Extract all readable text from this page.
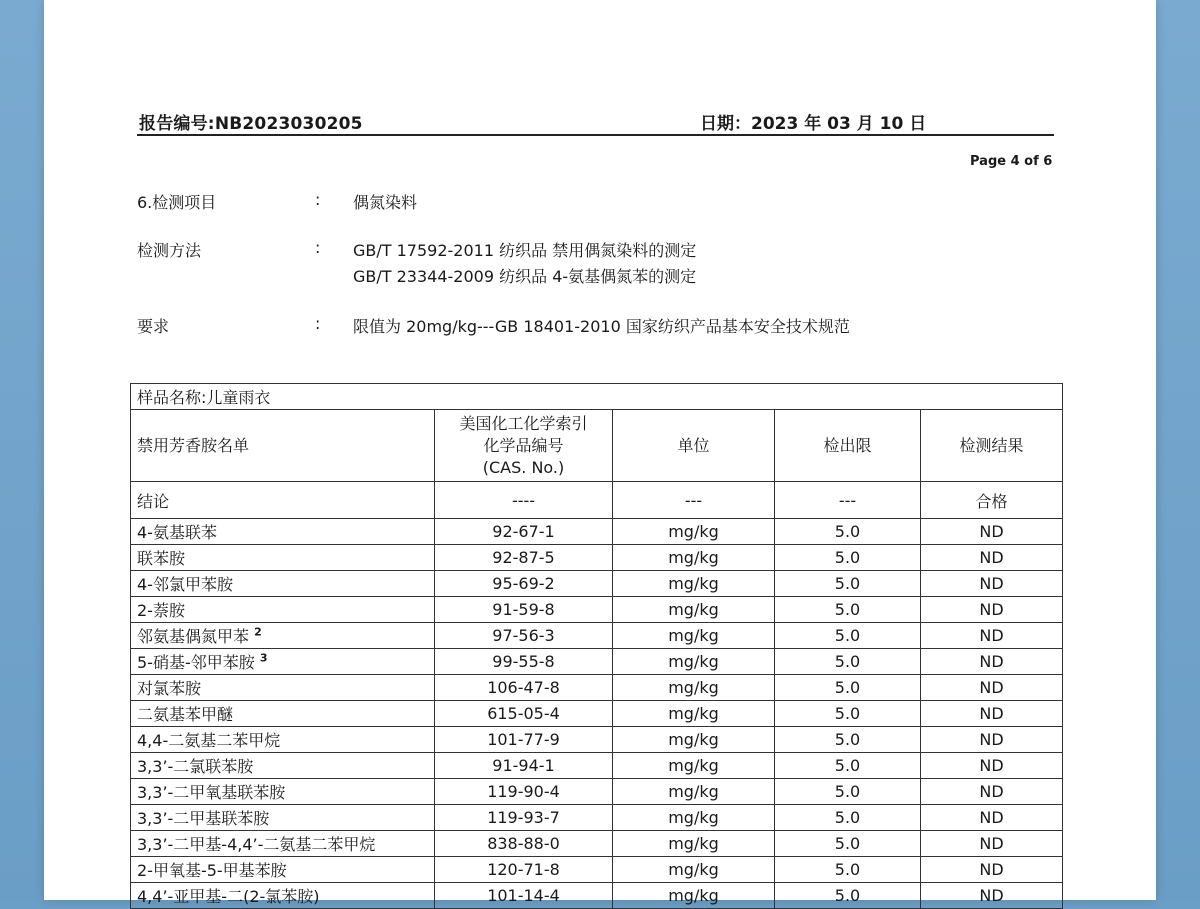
报告编号:NB2023030205	日期：2023 年 03 月 10 日
Page 4 of 6
6.检测项目	: 偶氮染料
检测方法	: GB/T 17592-2011 纺织品 禁用偶氮染料的测定
GB/T 23344-2009 纺织品 4-氨基偶氮苯的测定
要求	: 限值为 20mg/kg---GB 18401-2010 国家纺织产品基本安全技术规范
样品名称:儿童雨衣				
禁用芳香胺名单	美国化工化学索引
化学品编号
(CAS. No.)	单位	检出限	检测结果
结论	----	---	---	合格
4-氨基联苯	92-67-1	mg/kg	5.0	ND
联苯胺	92-87-5	mg/kg	5.0	ND
4-邻氯甲苯胺	95-69-2	mg/kg	5.0	ND
2-萘胺	91-59-8	mg/kg	5.0	ND
邻氨基偶氮甲苯 $^2$	97-56-3	mg/kg	5.0	ND
5-硝基-邻甲苯胺 $^3$	99-55-8	mg/kg	5.0	ND
对氯苯胺	106-47-8	mg/kg	5.0	ND
二氨基苯甲醚	615-05-4	mg/kg	5.0	ND
4,4-二氨基二苯甲烷	101-77-9	mg/kg	5.0	ND
3,3’-二氯联苯胺	91-94-1	mg/kg	5.0	ND
3,3’-二甲氧基联苯胺	119-90-4	mg/kg	5.0	ND
3,3’-二甲基联苯胺	119-93-7	mg/kg	5.0	ND
3,3’-二甲基-4,4’-二氨基二苯甲烷	838-88-0	mg/kg	5.0	ND
2-甲氧基-5-甲基苯胺	120-71-8	mg/kg	5.0	ND
4,4’-亚甲基-二(2-氯苯胺)	101-14-4	mg/kg	5.0	ND
